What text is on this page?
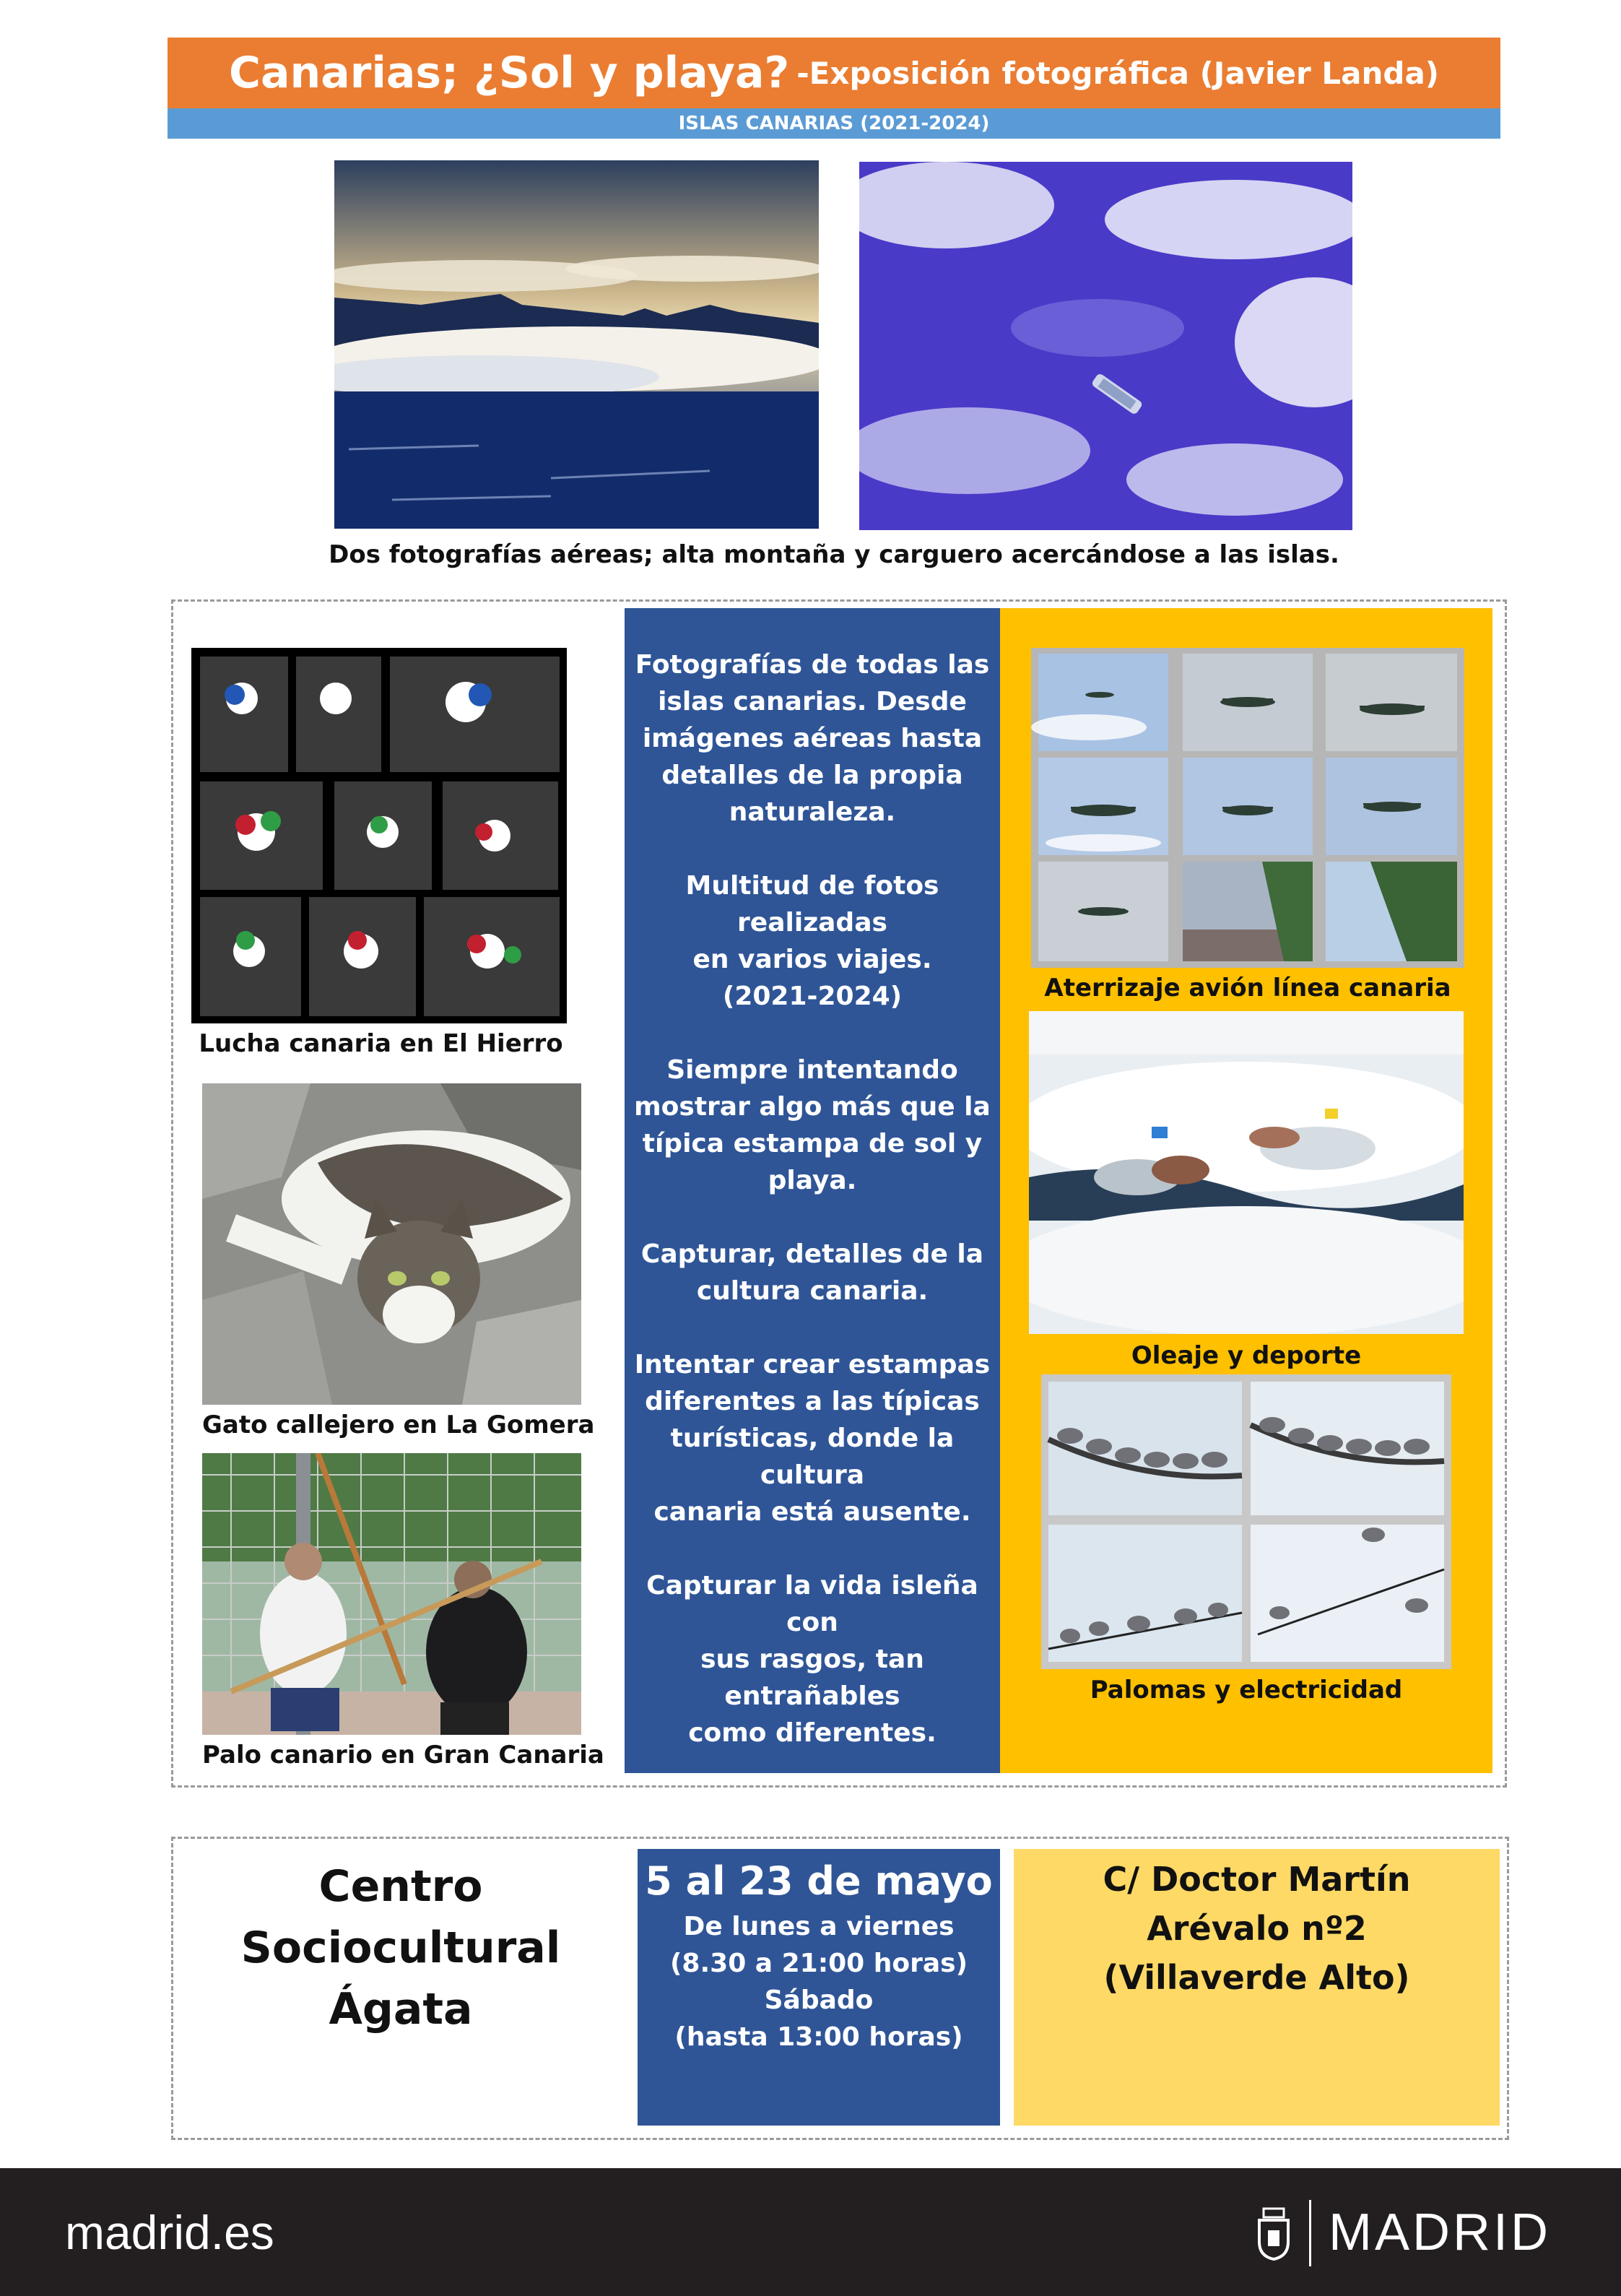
Canarias; ¿Sol y playa? -Exposición fotográfica (Javier Landa)
ISLAS CANARIAS (2021-2024)
Dos fotografías aéreas; alta montaña y carguero acercándose a las islas.
Lucha canaria en El Hierro
Gato callejero en La Gomera
Palo canario en Gran Canaria

Fotografías de todas las
islas canarias. Desde
imágenes aéreas hasta
detalles de la propia
naturaleza.

Multitud de fotos
realizadas
en varios viajes.
(2021-2024)

Siempre intentando
mostrar algo más que la
típica estampa de sol y
playa.

Capturar, detalles de la
cultura canaria.

Intentar crear estampas
diferentes a las típicas
turísticas, donde la cultura
canaria está ausente.

Capturar la vida isleña con
sus rasgos, tan entrañables
como diferentes.

Aterrizaje avión línea canaria
Oleaje y deporte
Palomas y electricidad
Centro
Sociocultural
Ágata
5 al 23 de mayo
De lunes a viernes
(8.30 a 21:00 horas)
Sábado
(hasta 13:00 horas)
C/ Doctor Martín
Arévalo nº2
(Villaverde Alto)
madrid.es	MADRID
